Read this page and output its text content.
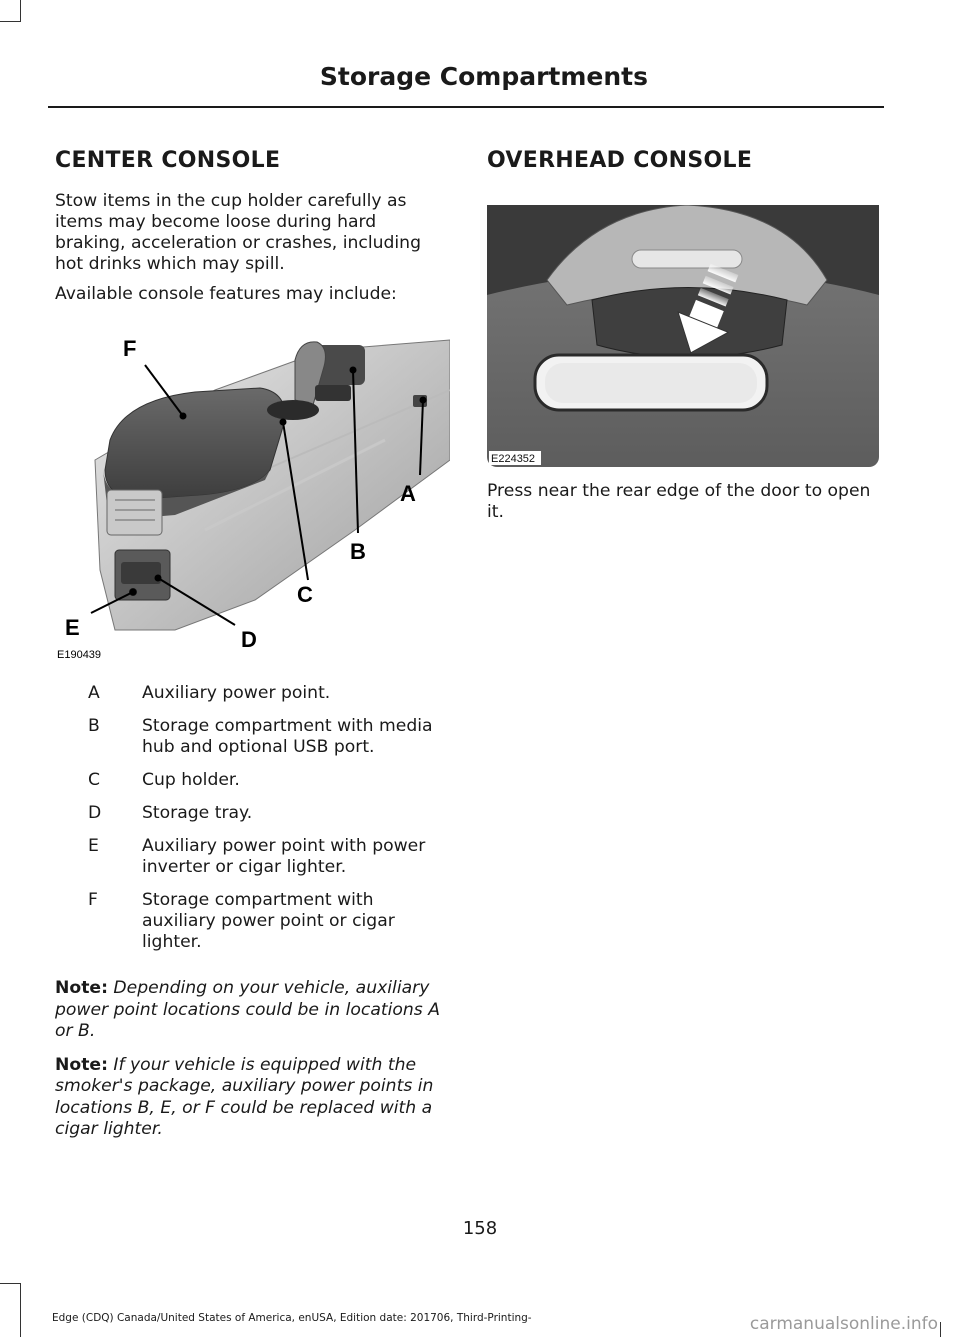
Storage Compartments
CENTER CONSOLE

Stow items in the cup holder carefully as items may become loose during hard braking, acceleration or crashes, including hot drinks which may spill.

Available console features may include:

F
A
B
C
D
E
E190439
A	Auxiliary power point.
B	Storage compartment with media hub and optional USB port.
C	Cup holder.
D	Storage tray.
E	Auxiliary power point with power inverter or cigar lighter.
F	Storage compartment with auxiliary power point or cigar lighter.

Note: Depending on your vehicle, auxiliary power point locations could be in locations A or B.

Note: If your vehicle is equipped with the smoker's package, auxiliary power points in locations B, E, or F could be replaced with a cigar lighter.

OVERHEAD CONSOLE
E224352

Press near the rear edge of the door to open it.

158
Edge (CDQ) Canada/United States of America, enUSA, Edition date: 201706, Third-Printing-	carmanualsonline.info
